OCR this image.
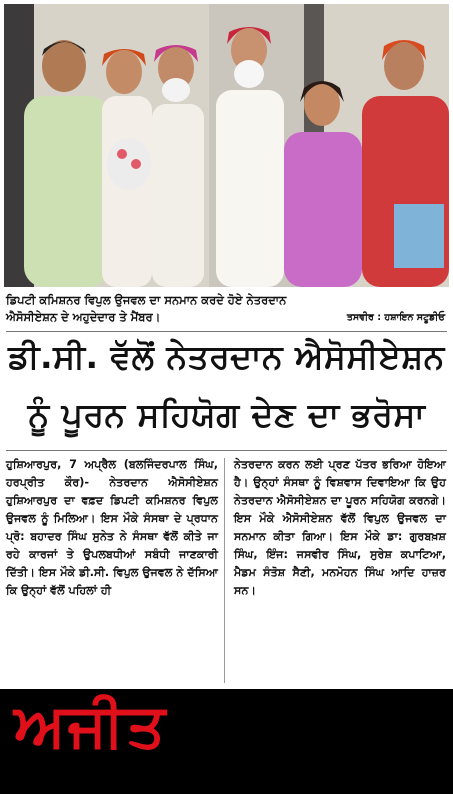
ਡਿਪਟੀ ਕਮਿਸ਼ਨਰ ਵਿਪੁਲ ਉਜਵਲ ਦਾ ਸਨਮਾਨ ਕਰਦੇ ਹੋਏ ਨੇਤਰਦਾਨ
ਐਸੋਸੀਏਸ਼ਨ ਦੇ ਅਹੁਦੇਦਾਰ ਤੇ ਮੈਂਬਰ।	ਤਸਵੀਰ : ਹਸ਼ਾਇਨ ਸਟੂਡੀਓ
ਡੀ.ਸੀ. ਵੱਲੋਂ ਨੇਤਰਦਾਨ ਐਸੋਸੀਏਸ਼ਨ
ਨੂੰ ਪੂਰਨ ਸਹਿਯੋਗ ਦੇਣ ਦਾ ਭਰੋਸਾ
ਹੁਸ਼ਿਆਰਪੁਰ, 7 ਅਪ੍ਰੈਲ (ਬਲਜਿੰਦਰਪਾਲ ਸਿੰਘ, ਹਰਪ੍ਰੀਤ ਕੌਰ)- ਨੇਤਰਦਾਨ ਐਸੋਸੀਏਸ਼ਨ ਹੁਸ਼ਿਆਰਪੁਰ ਦਾ ਵਫ਼ਦ ਡਿਪਟੀ ਕਮਿਸ਼ਨਰ ਵਿਪੁਲ ਉਜਵਲ ਨੂੰ ਮਿਲਿਆ। ਇਸ ਮੌਕੇ ਸੰਸਥਾ ਦੇ ਪ੍ਰਧਾਨ ਪ੍ਰੋ: ਬਹਾਦਰ ਸਿੰਘ ਸੁਨੇਤ ਨੇ ਸੰਸਥਾ ਵੱਲੋਂ ਕੀਤੇ ਜਾ ਰਹੇ ਕਾਰਜਾਂ ਤੇ ਉਪਲਬਧੀਆਂ ਸਬੰਧੀ ਜਾਣਕਾਰੀ ਦਿੱਤੀ। ਇਸ ਮੌਕੇ ਡੀ.ਸੀ. ਵਿਪੁਲ ਉਜਵਲ ਨੇ ਦੱਸਿਆ ਕਿ ਉਨ੍ਹਾਂ ਵੱਲੋਂ ਪਹਿਲਾਂ ਹੀ
ਨੇਤਰਦਾਨ ਕਰਨ ਲਈ ਪ੍ਰਣ ਪੱਤਰ ਭਰਿਆ ਹੋਇਆ ਹੈ। ਉਨ੍ਹਾਂ ਸੰਸਥਾ ਨੂੰ ਵਿਸ਼ਵਾਸ ਦਿਵਾਇਆ ਕਿ ਉਹ ਨੇਤਰਦਾਨ ਐਸੋਸੀਏਸ਼ਨ ਦਾ ਪੂਰਨ ਸਹਿਯੋਗ ਕਰਨਗੇ। ਇਸ ਮੌਕੇ ਐਸੋਸੀਏਸ਼ਨ ਵੱਲੋਂ ਵਿਪੁਲ ਉਜਵਲ ਦਾ ਸਨਮਾਨ ਕੀਤਾ ਗਿਆ। ਇਸ ਮੌਕੇ ਡਾ: ਗੁਰਬਖ਼ਸ਼ ਸਿੰਘ, ਇੰਜ: ਜਸਵੀਰ ਸਿੰਘ, ਸੁਰੇਸ਼ ਕਪਾਟਿਆ, ਮੈਡਮ ਸੰਤੋਸ਼ ਸੈਣੀ, ਮਨਮੋਹਨ ਸਿੰਘ ਆਦਿ ਹਾਜ਼ਰ ਸਨ।
ਅਜੀਤ
